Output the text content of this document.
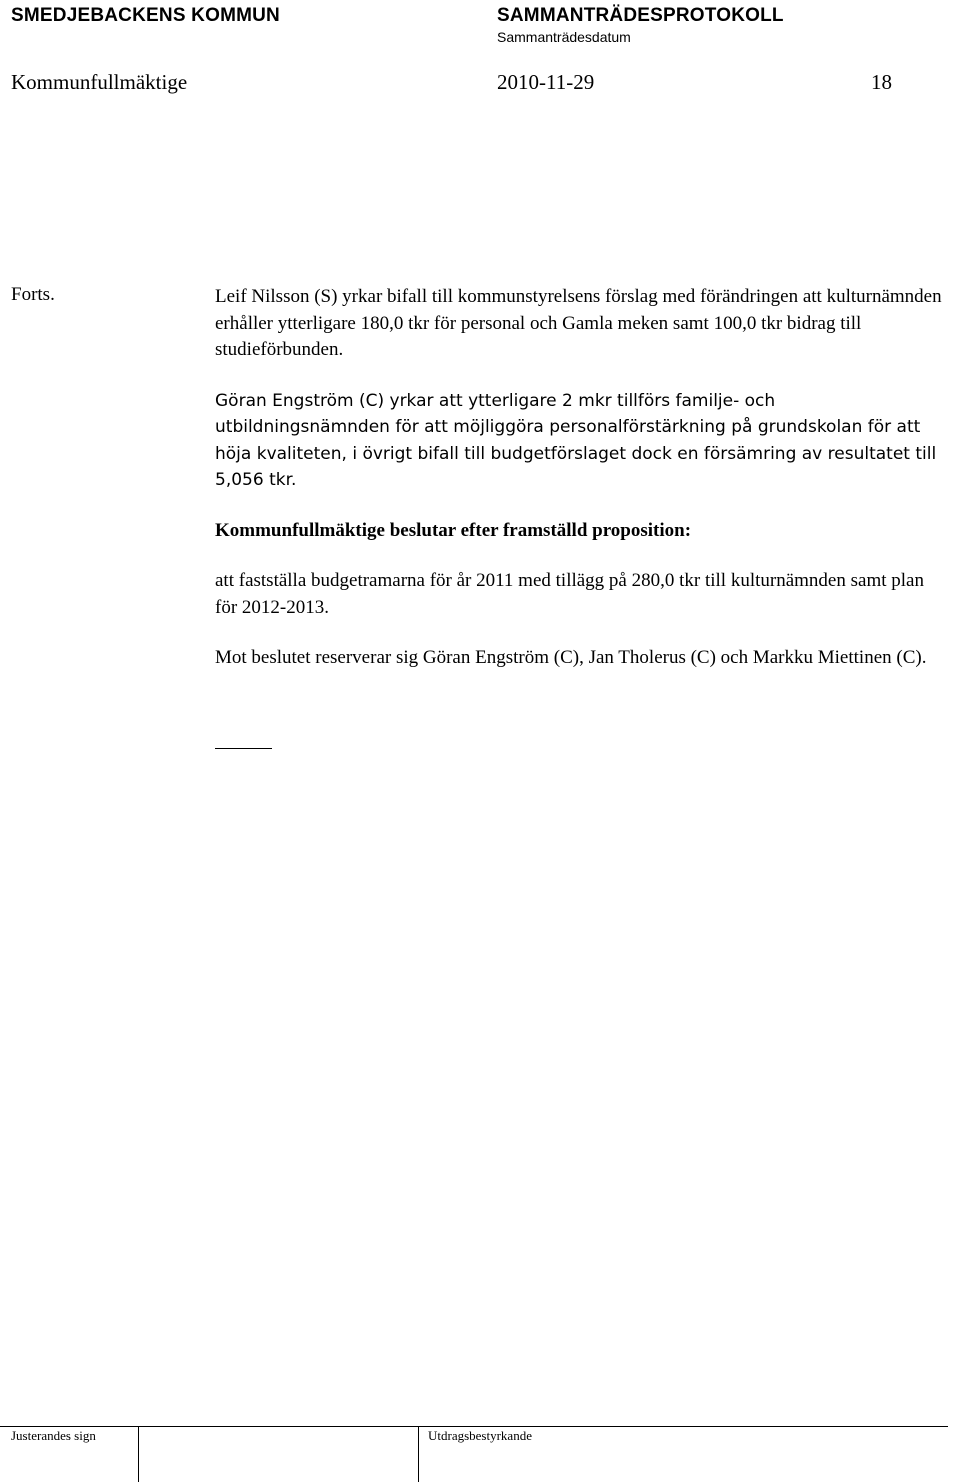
SMEDJEBACKENS KOMMUN	SAMMANTRÄDESPROTOKOLL
Sammanträdesdatum
Kommunfullmäktige	2010-11-29	18
Forts.	Leif Nilsson (S) yrkar bifall till kommunstyrelsens förslag med förändringen att kulturnämnden erhåller ytterligare 180,0 tkr för personal och Gamla meken samt 100,0 tkr bidrag till studieförbunden.

Göran Engström (C) yrkar att ytterligare 2 mkr tillförs familje- och utbildningsnämnden för att möjliggöra personalförstärkning på grundskolan för att höja kvaliteten, i övrigt bifall till budgetförslaget dock en försämring av resultatet till 5,056 tkr.

Kommunfullmäktige beslutar efter framställd proposition:

att fastställa budgetramarna för år 2011 med tillägg på 280,0 tkr till kulturnämnden samt plan för 2012-2013.

Mot beslutet reserverar sig Göran Engström (C), Jan Tholerus (C) och Markku Miettinen (C).

Justerandes sign	Utdragsbestyrkande
